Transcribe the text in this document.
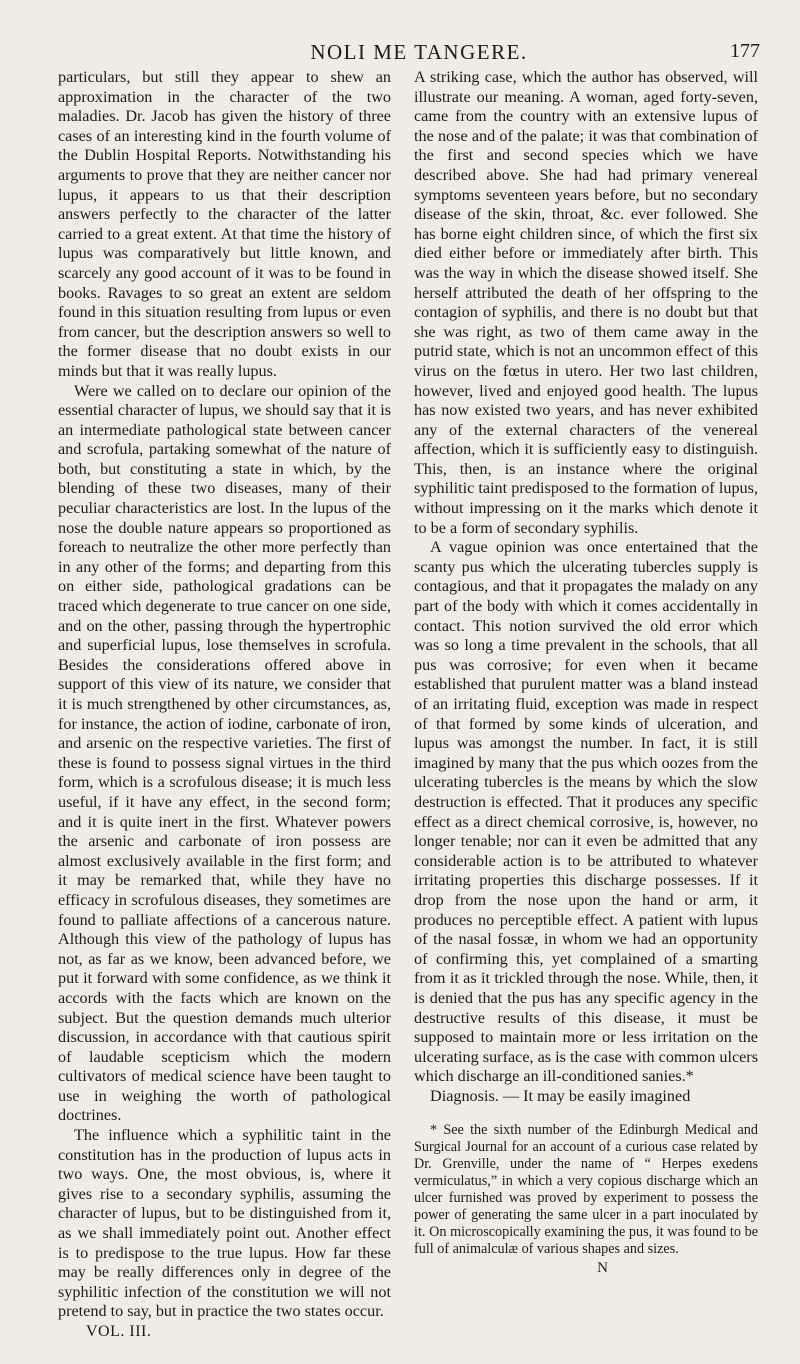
NOLI ME TANGERE.	177

particulars, but still they appear to shew an approximation in the character of the two maladies. Dr. Jacob has given the history of three cases of an interesting kind in the fourth volume of the Dublin Hospital Reports. Notwithstanding his arguments to prove that they are neither cancer nor lupus, it appears to us that their description answers perfectly to the character of the latter carried to a great extent. At that time the history of lupus was comparatively but little known, and scarcely any good account of it was to be found in books. Ravages to so great an extent are seldom found in this situation resulting from lupus or even from cancer, but the description answers so well to the former disease that no doubt exists in our minds but that it was really lupus.

Were we called on to declare our opinion of the essential character of lupus, we should say that it is an intermediate pathological state between cancer and scrofula, partaking somewhat of the nature of both, but constituting a state in which, by the blending of these two diseases, many of their peculiar characteristics are lost. In the lupus of the nose the double nature appears so proportioned as foreach to neutralize the other more perfectly than in any other of the forms; and departing from this on either side, pathological gradations can be traced which degenerate to true cancer on one side, and on the other, passing through the hypertrophic and superficial lupus, lose themselves in scrofula. Besides the considerations offered above in support of this view of its nature, we consider that it is much strengthened by other circumstances, as, for instance, the action of iodine, carbonate of iron, and arsenic on the respective varieties. The first of these is found to possess signal virtues in the third form, which is a scrofulous disease; it is much less useful, if it have any effect, in the second form; and it is quite inert in the first. Whatever powers the arsenic and carbonate of iron possess are almost exclusively available in the first form; and it may be remarked that, while they have no efficacy in scrofulous diseases, they sometimes are found to palliate affections of a cancerous nature. Although this view of the pathology of lupus has not, as far as we know, been advanced before, we put it forward with some confidence, as we think it accords with the facts which are known on the subject. But the question demands much ulterior discussion, in accordance with that cautious spirit of laudable scepticism which the modern cultivators of medical science have been taught to use in weighing the worth of pathological doctrines.

The influence which a syphilitic taint in the constitution has in the production of lupus acts in two ways. One, the most obvious, is, where it gives rise to a secondary syphilis, assuming the character of lupus, but to be distinguished from it, as we shall immediately point out. Another effect is to predispose to the true lupus. How far these may be really differences only in degree of the syphilitic infection of the constitution we will not pretend to say, but in practice the two states occur.

VOL. III.

A striking case, which the author has observed, will illustrate our meaning. A woman, aged forty-seven, came from the country with an extensive lupus of the nose and of the palate; it was that combination of the first and second species which we have described above. She had had primary venereal symptoms seventeen years before, but no secondary disease of the skin, throat, &c. ever followed. She has borne eight children since, of which the first six died either before or immediately after birth. This was the way in which the disease showed itself. She herself attributed the death of her offspring to the contagion of syphilis, and there is no doubt but that she was right, as two of them came away in the putrid state, which is not an uncommon effect of this virus on the fœtus in utero. Her two last children, however, lived and enjoyed good health. The lupus has now existed two years, and has never exhibited any of the external characters of the venereal affection, which it is sufficiently easy to distinguish. This, then, is an instance where the original syphilitic taint predisposed to the formation of lupus, without impressing on it the marks which denote it to be a form of secondary syphilis.

A vague opinion was once entertained that the scanty pus which the ulcerating tubercles supply is contagious, and that it propagates the malady on any part of the body with which it comes accidentally in contact. This notion survived the old error which was so long a time prevalent in the schools, that all pus was corrosive; for even when it became established that purulent matter was a bland instead of an irritating fluid, exception was made in respect of that formed by some kinds of ulceration, and lupus was amongst the number. In fact, it is still imagined by many that the pus which oozes from the ulcerating tubercles is the means by which the slow destruction is effected. That it produces any specific effect as a direct chemical corrosive, is, however, no longer tenable; nor can it even be admitted that any considerable action is to be attributed to whatever irritating properties this discharge possesses. If it drop from the nose upon the hand or arm, it produces no perceptible effect. A patient with lupus of the nasal fossæ, in whom we had an opportunity of confirming this, yet complained of a smarting from it as it trickled through the nose. While, then, it is denied that the pus has any specific agency in the destructive results of this disease, it must be supposed to maintain more or less irritation on the ulcerating surface, as is the case with common ulcers which discharge an ill-conditioned sanies.*

Diagnosis. — It may be easily imagined

* See the sixth number of the Edinburgh Medical and Surgical Journal for an account of a curious case related by Dr. Grenville, under the name of “ Herpes exedens vermiculatus,” in which a very copious discharge which an ulcer furnished was proved by experiment to possess the power of generating the same ulcer in a part inoculated by it. On microscopically examining the pus, it was found to be full of animalculæ of various shapes and sizes.

N
